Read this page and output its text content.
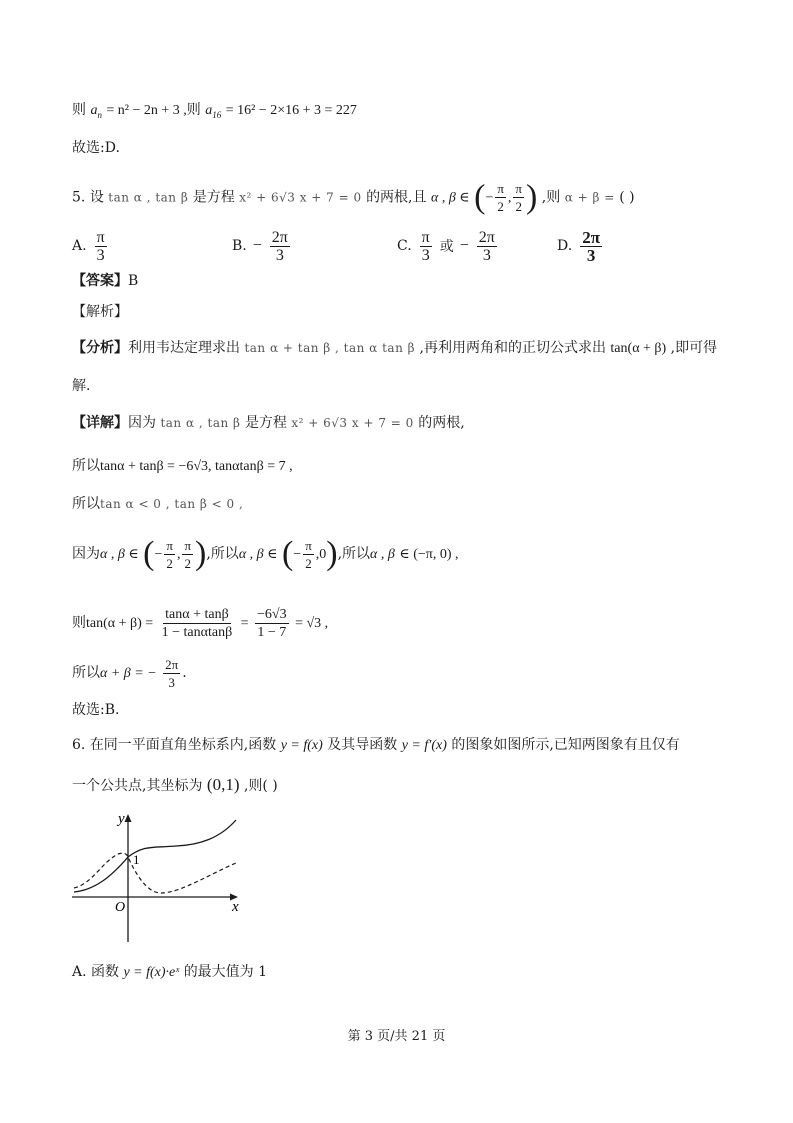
则 $a_n = n^2 - 2n + 3$ ,则 $a_{16} = 16^2 - 2\times 16 + 3 = 227$
故选:D.
5. 设 tan α , tan β 是方程 x² + 6√3 x + 7 = 0 的两根,且 α , β ∈ (− $\frac{\pi}{2}$ , $\frac{\pi}{2}$ ) ,则 α + β = ( )
A. $\frac{\pi}{3}$	B. − $\frac{2\pi}{3}$	C. $\frac{\pi}{3}$ 或 − $\frac{2\pi}{3}$	D. $\frac{2\pi}{3}$
【答案】B
【解析】
【分析】利用韦达定理求出 tan α + tan β , tan α tan β ,再利用两角和的正切公式求出 tan(α + β) ,即可得
解.
【详解】因为 tan α , tan β 是方程 x² + 6√3 x + 7 = 0 的两根,
所以tanα + tanβ = −6√3, tanαtanβ = 7 ,
所以tan α < 0 , tan β < 0 ,
因为α , β ∈ (− $\frac{\pi}{2}$ , $\frac{\pi}{2}$ ),所以α , β ∈ (− $\frac{\pi}{2} ,0$),所以α , β ∈ (−π, 0) ,
则$\tan(\alpha + \beta) = \frac{\tan\alpha + \tan\beta}{1 - \tan\alpha\tan\beta} = \frac{-6√3}{1 - 7} = √3$ ,
所以α + β = − $\frac{2\pi}{3}$ .
故选:B.
6. 在同一平面直角坐标系内,函数 y = f(x) 及其导函数 y = f′(x) 的图象如图所示,已知两图象有且仅有
一个公共点,其坐标为 (0,1) ,则( )
y
x
O
1
A. 函数 y = f(x)·eˣ 的最大值为 1
第 3 页/共 21 页
